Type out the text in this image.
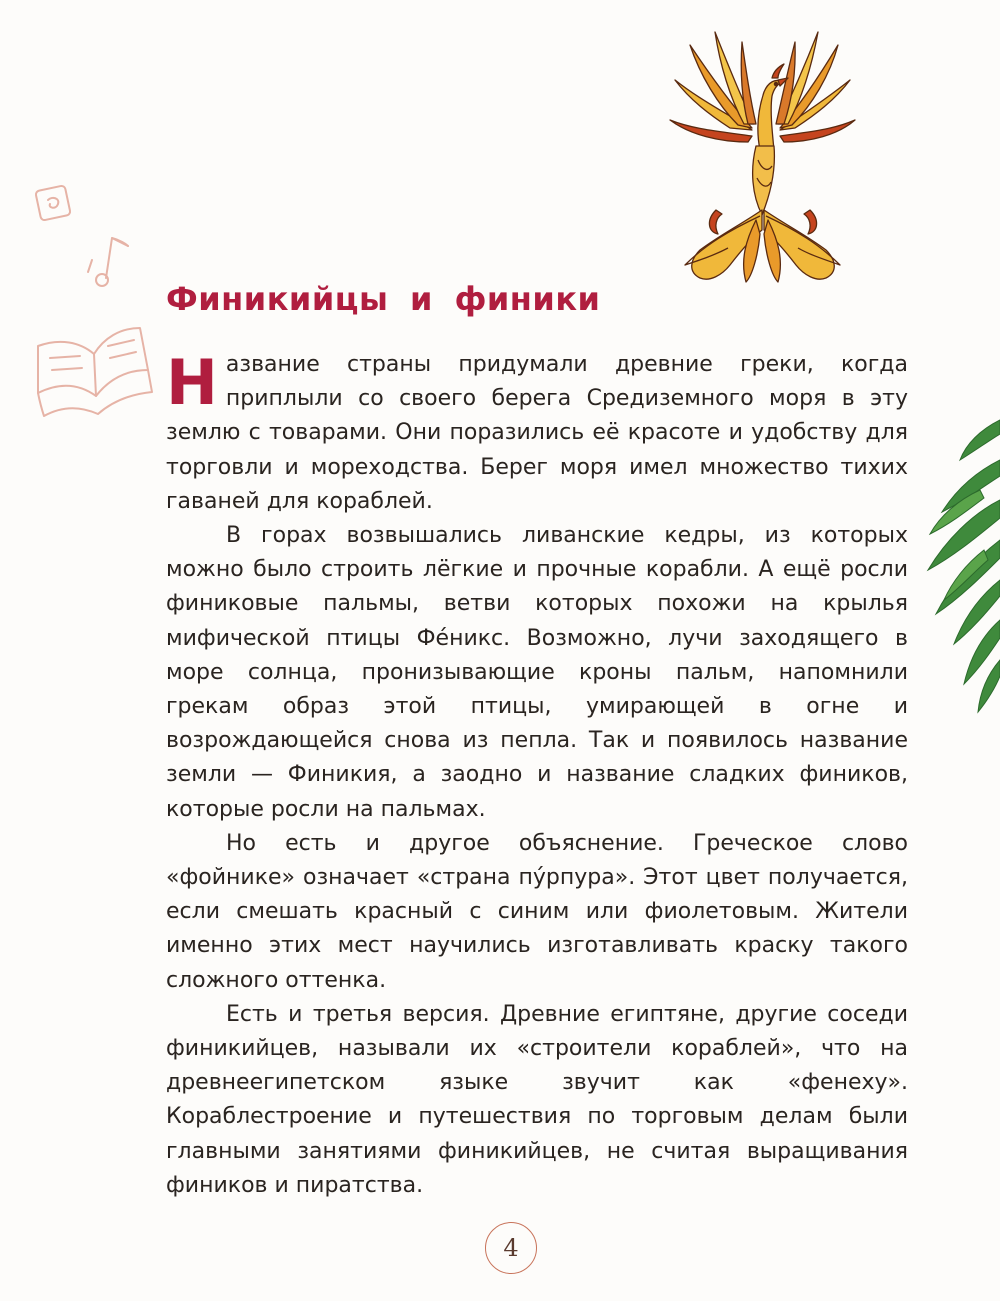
Финикийцы и финики

Название страны придумали древние греки, когда приплыли со своего берега Средиземного моря в эту землю с товарами. Они поразились её красоте и удобству для торговли и мореходства. Берег моря имел множество тихих гаваней для кораблей.

В горах возвышались ливанские кедры, из которых можно было строить лёгкие и прочные корабли. А ещё росли финиковые пальмы, ветви которых похожи на крылья мифической птицы Фе́никс. Возможно, лучи заходящего в море солнца, пронизывающие кроны пальм, напомнили грекам образ этой птицы, умирающей в огне и возрождающейся снова из пепла. Так и появилось название земли — Финикия, а заодно и название сладких фиников, которые росли на пальмах.

Но есть и другое объяснение. Греческое слово «фойнике» означает «страна пу́рпура». Этот цвет получается, если смешать красный с синим или фиолетовым. Жители именно этих мест научились изготавливать краску такого сложного оттенка.

Есть и третья версия. Древние египтяне, другие соседи финикийцев, называли их «строители кораблей», что на древнеегипетском языке звучит как «фенеху». Кораблестроение и путешествия по торговым делам были главными занятиями финикийцев, не считая выращивания фиников и пиратства.

4
